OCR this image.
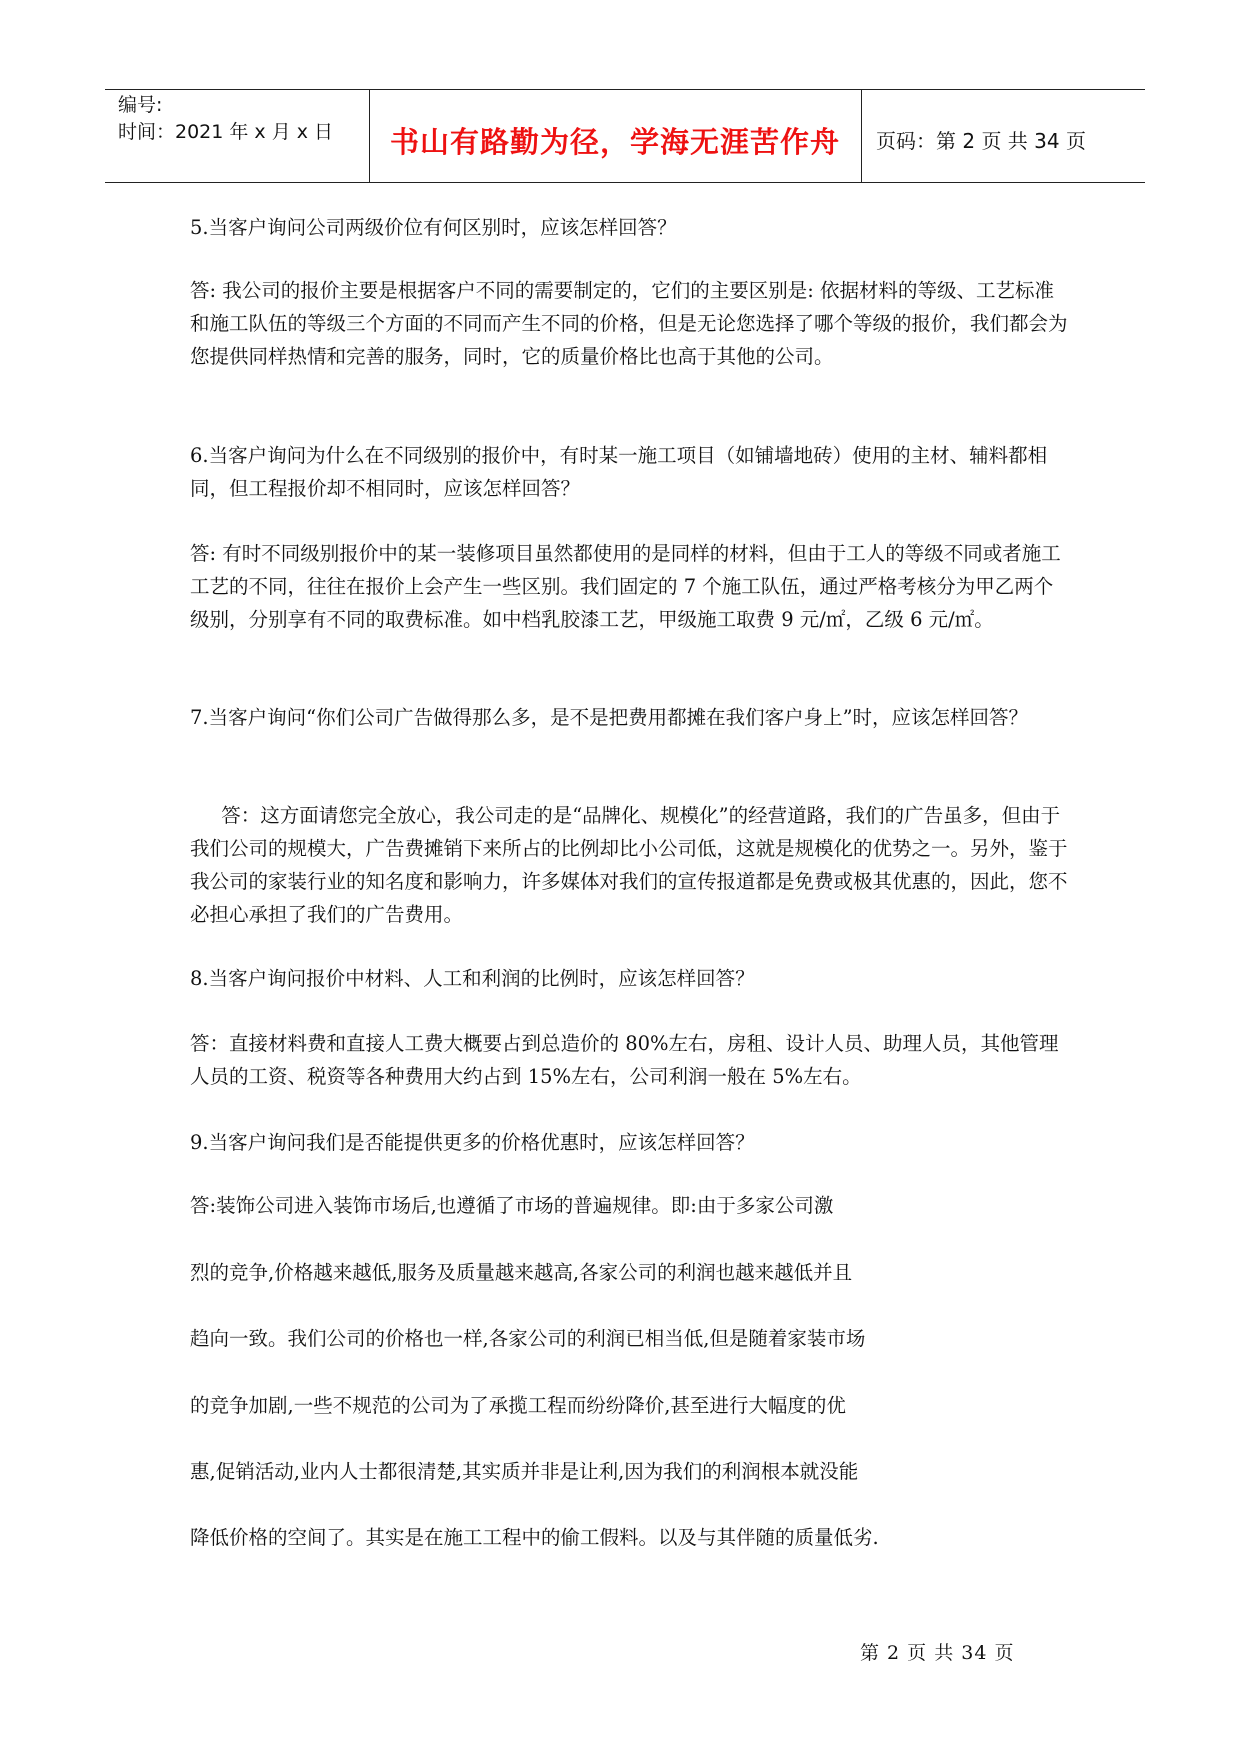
编号:
时间：2021 年 x 月 x 日	书山有路勤为径，学海无涯苦作舟	页码：第 2 页 共 34 页

5.当客户询问公司两级价位有何区别时，应该怎样回答？

答: 我公司的报价主要是根据客户不同的需要制定的，它们的主要区别是: 依据材料的等级、工艺标准和施工队伍的等级三个方面的不同而产生不同的价格，但是无论您选择了哪个等级的报价，我们都会为您提供同样热情和完善的服务，同时，它的质量价格比也高于其他的公司。

6.当客户询问为什么在不同级别的报价中，有时某一施工项目（如铺墙地砖）使用的主材、辅料都相同，但工程报价却不相同时，应该怎样回答？

答: 有时不同级别报价中的某一装修项目虽然都使用的是同样的材料，但由于工人的等级不同或者施工工艺的不同，往往在报价上会产生一些区别。我们固定的 7 个施工队伍，通过严格考核分为甲乙两个级别，分别享有不同的取费标准。如中档乳胶漆工艺，甲级施工取费 9 元/㎡，乙级 6 元/㎡。

7.当客户询问“你们公司广告做得那么多，是不是把费用都摊在我们客户身上”时，应该怎样回答？

答：这方面请您完全放心，我公司走的是“品牌化、规模化”的经营道路，我们的广告虽多，但由于我们公司的规模大，广告费摊销下来所占的比例却比小公司低，这就是规模化的优势之一。另外，鉴于我公司的家装行业的知名度和影响力，许多媒体对我们的宣传报道都是免费或极其优惠的，因此，您不必担心承担了我们的广告费用。

8.当客户询问报价中材料、人工和利润的比例时，应该怎样回答？

答：直接材料费和直接人工费大概要占到总造价的 80%左右，房租、设计人员、助理人员，其他管理人员的工资、税资等各种费用大约占到 15%左右，公司利润一般在 5%左右。

9.当客户询问我们是否能提供更多的价格优惠时，应该怎样回答？

答:装饰公司进入装饰市场后,也遵循了市场的普遍规律。即:由于多家公司激

烈的竞争,价格越来越低,服务及质量越来越高,各家公司的利润也越来越低并且

趋向一致。我们公司的价格也一样,各家公司的利润已相当低,但是随着家装市场

的竞争加剧,一些不规范的公司为了承揽工程而纷纷降价,甚至进行大幅度的优

惠,促销活动,业内人士都很清楚,其实质并非是让利,因为我们的利润根本就没能

降低价格的空间了。其实是在施工工程中的偷工假料。以及与其伴随的质量低劣.

第 2 页 共 34 页
